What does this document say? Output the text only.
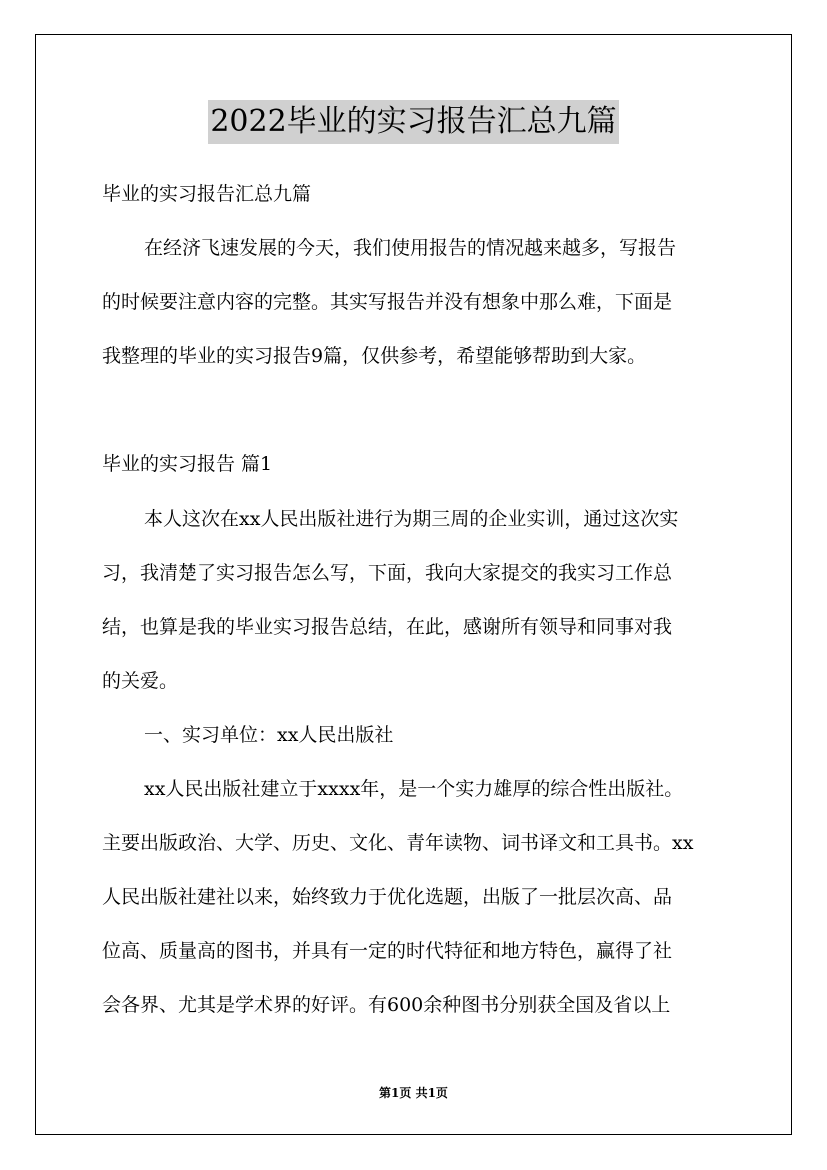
2022毕业的实习报告汇总九篇
毕业的实习报告汇总九篇
在经济飞速发展的今天，我们使用报告的情况越来越多，写报告
的时候要注意内容的完整。其实写报告并没有想象中那么难，下面是
我整理的毕业的实习报告9篇，仅供参考，希望能够帮助到大家。
毕业的实习报告 篇1
本人这次在xx人民出版社进行为期三周的企业实训，通过这次实
习，我清楚了实习报告怎么写，下面，我向大家提交的我实习工作总
结，也算是我的毕业实习报告总结，在此，感谢所有领导和同事对我
的关爱。
一、实习单位：xx人民出版社
xx人民出版社建立于xxxx年，是一个实力雄厚的综合性出版社。
主要出版政治、大学、历史、文化、青年读物、词书译文和工具书。xx
人民出版社建社以来，始终致力于优化选题，出版了一批层次高、品
位高、质量高的图书，并具有一定的时代特征和地方特色，赢得了社
会各界、尤其是学术界的好评。有600余种图书分别获全国及省以上
第1页 共1页
